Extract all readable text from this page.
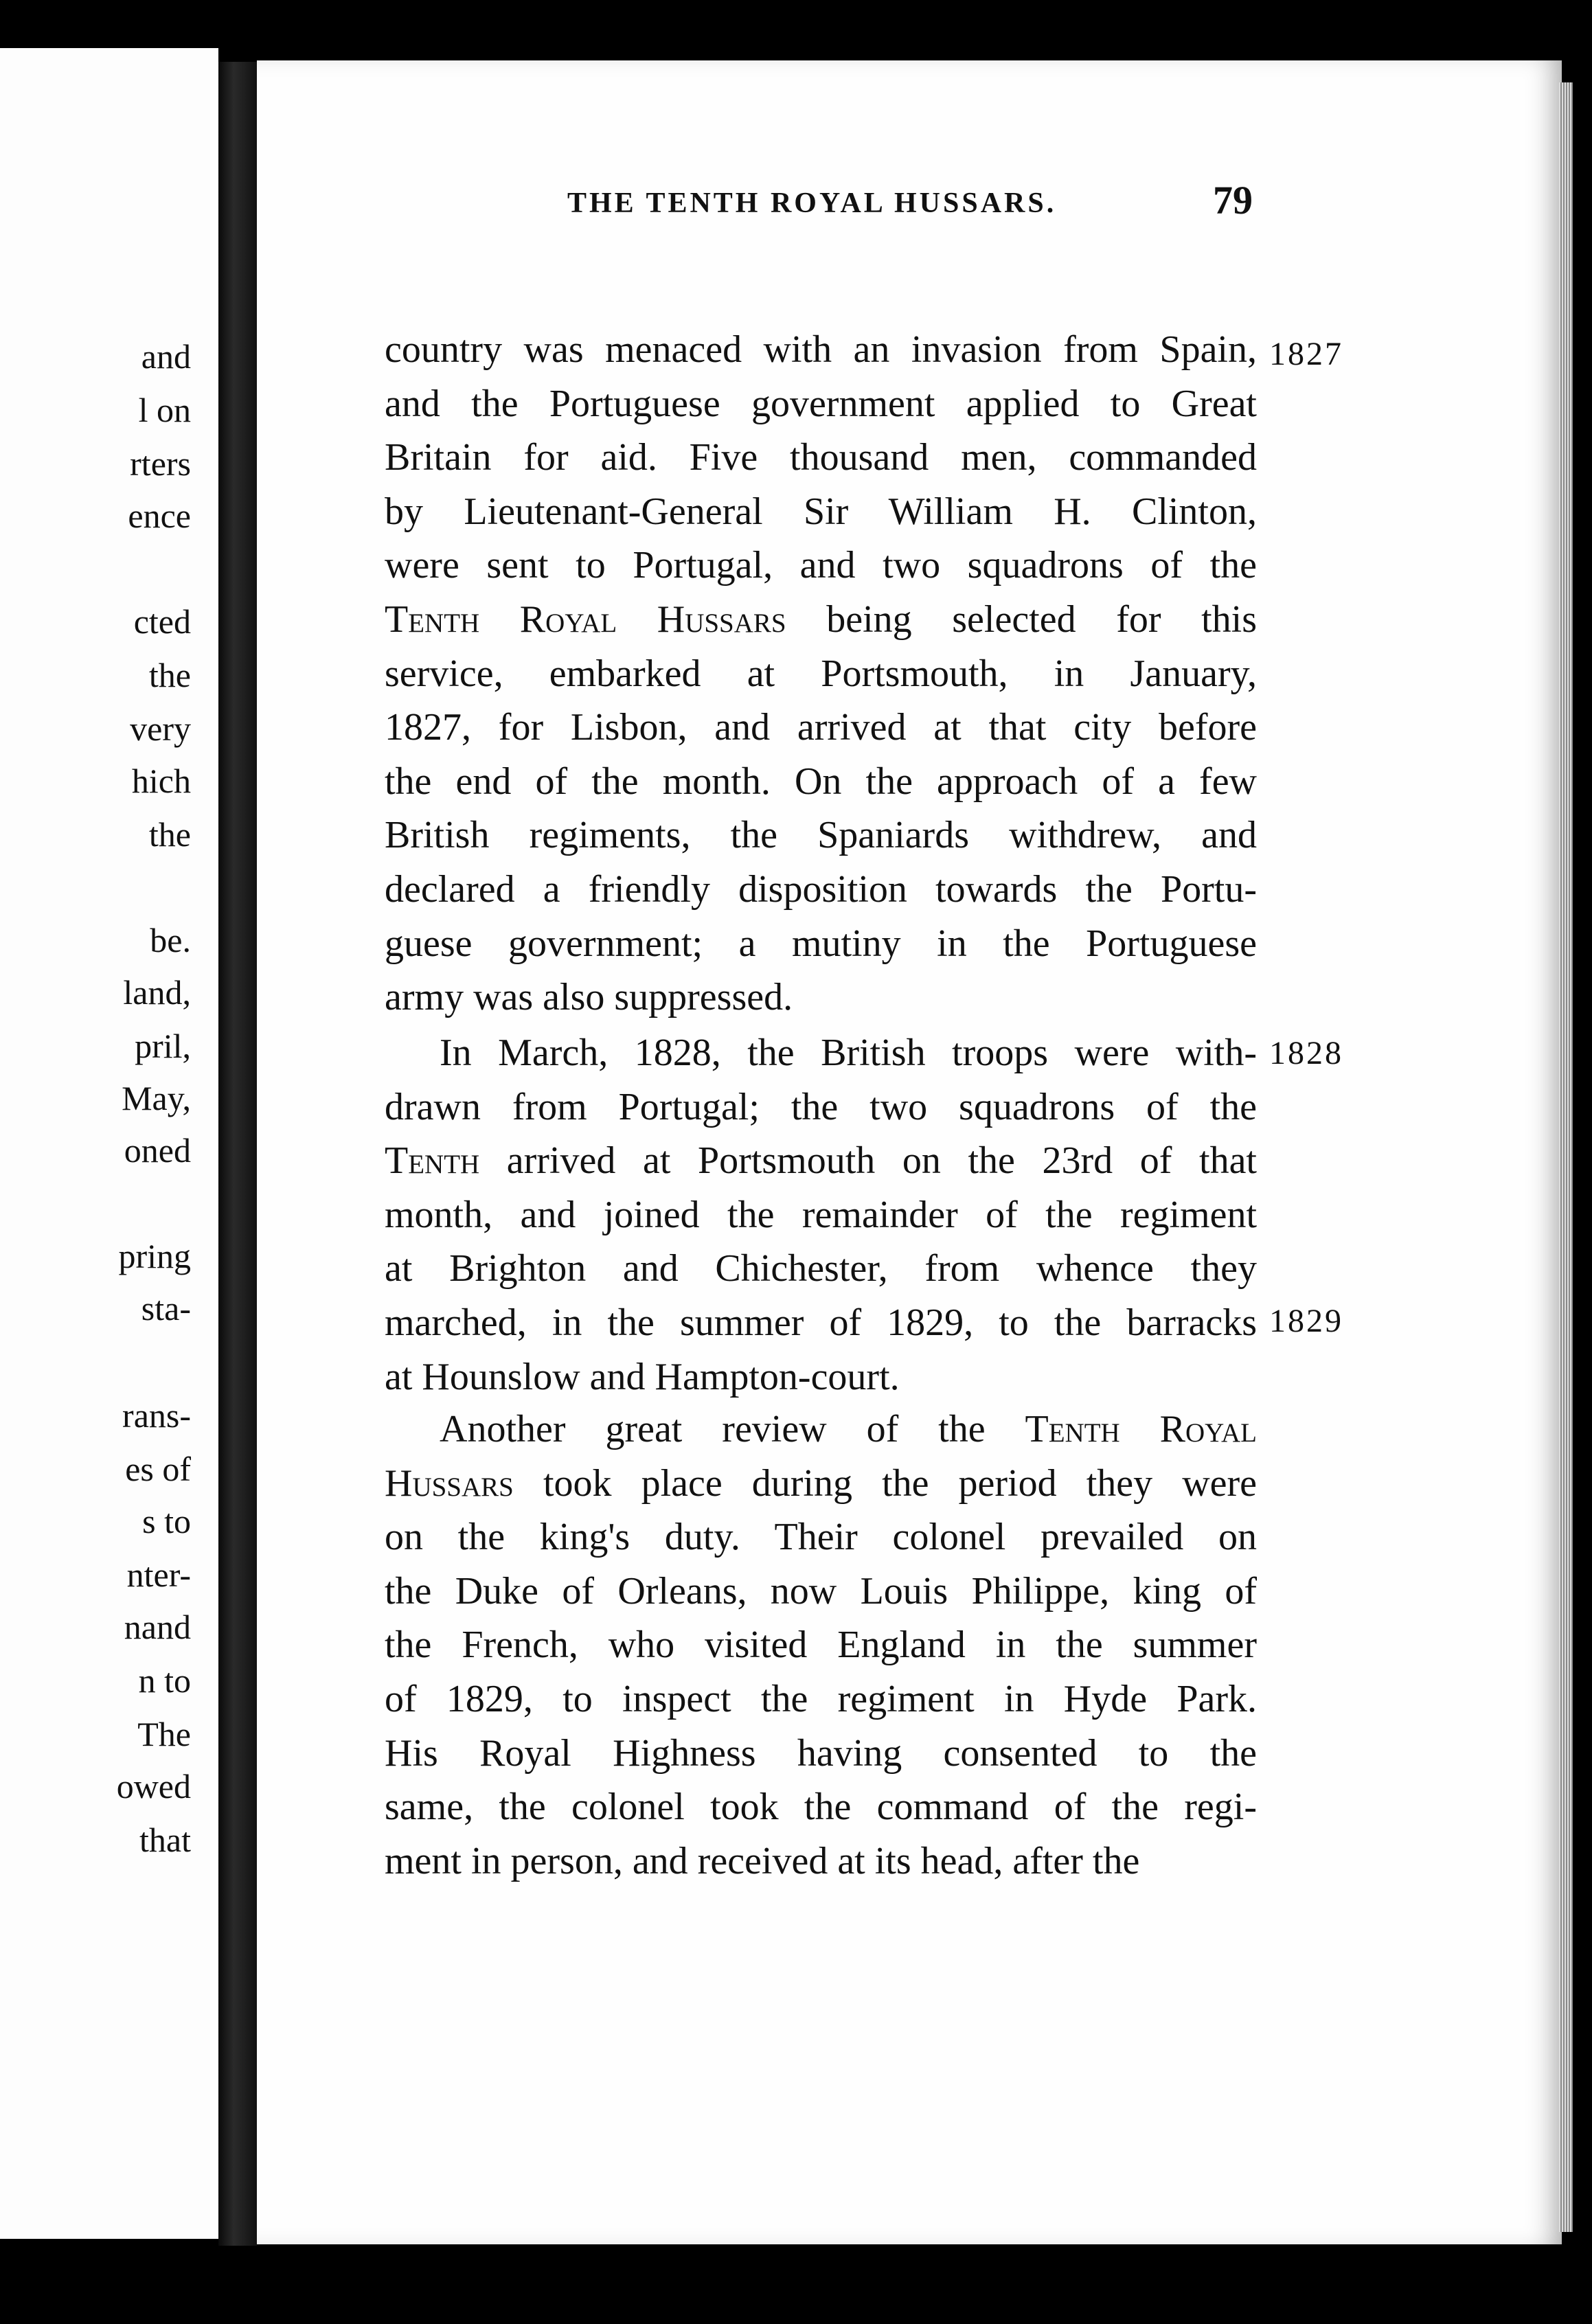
and
l on
rters
ence
cted
the
very
hich
the
be.
land,
pril,
May,
oned
pring
sta-
rans-
es of
s to
nter-
nand
n to
The
owed
that
THE TENTH ROYAL HUSSARS.	79
country was menaced with an invasion from Spain,
and the Portuguese government applied to Great
Britain for aid. Five thousand men, commanded
by Lieutenant-General Sir William H. Clinton,
were sent to Portugal, and two squadrons of the
Tenth Royal Hussars being selected for this
service, embarked at Portsmouth, in January,
1827, for Lisbon, and arrived at that city before
the end of the month. On the approach of a few
British regiments, the Spaniards withdrew, and
declared a friendly disposition towards the Portu-
guese government; a mutiny in the Portuguese
army was also suppressed.
In March, 1828, the British troops were with-
drawn from Portugal; the two squadrons of the
Tenth arrived at Portsmouth on the 23rd of that
month, and joined the remainder of the regiment
at Brighton and Chichester, from whence they
marched, in the summer of 1829, to the barracks
at Hounslow and Hampton-court.
Another great review of the Tenth Royal
Hussars took place during the period they were
on the king's duty. Their colonel prevailed on
the Duke of Orleans, now Louis Philippe, king of
the French, who visited England in the summer
of 1829, to inspect the regiment in Hyde Park.
His Royal Highness having consented to the
same, the colonel took the command of the regi-
ment in person, and received at its head, after the
1827
1828
1829
